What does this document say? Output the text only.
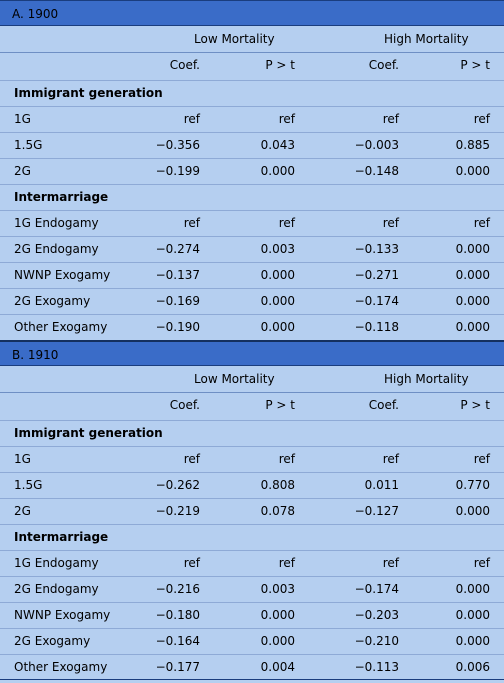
A. 1900
Low Mortality	High Mortality
Coef.	P > t	Coef.	P > t
Immigrant generation
1G	ref	ref	ref	ref
1.5G	−0.356	0.043	−0.003	0.885
2G	−0.199	0.000	−0.148	0.000
Intermarriage
1G Endogamy	ref	ref	ref	ref
2G Endogamy	−0.274	0.003	−0.133	0.000
NWNP Exogamy	−0.137	0.000	−0.271	0.000
2G Exogamy	−0.169	0.000	−0.174	0.000
Other Exogamy	−0.190	0.000	−0.118	0.000
B. 1910
Low Mortality	High Mortality
Coef.	P > t	Coef.	P > t
Immigrant generation
1G	ref	ref	ref	ref
1.5G	−0.262	0.808	0.011	0.770
2G	−0.219	0.078	−0.127	0.000
Intermarriage
1G Endogamy	ref	ref	ref	ref
2G Endogamy	−0.216	0.003	−0.174	0.000
NWNP Exogamy	−0.180	0.000	−0.203	0.000
2G Exogamy	−0.164	0.000	−0.210	0.000
Other Exogamy	−0.177	0.004	−0.113	0.006
